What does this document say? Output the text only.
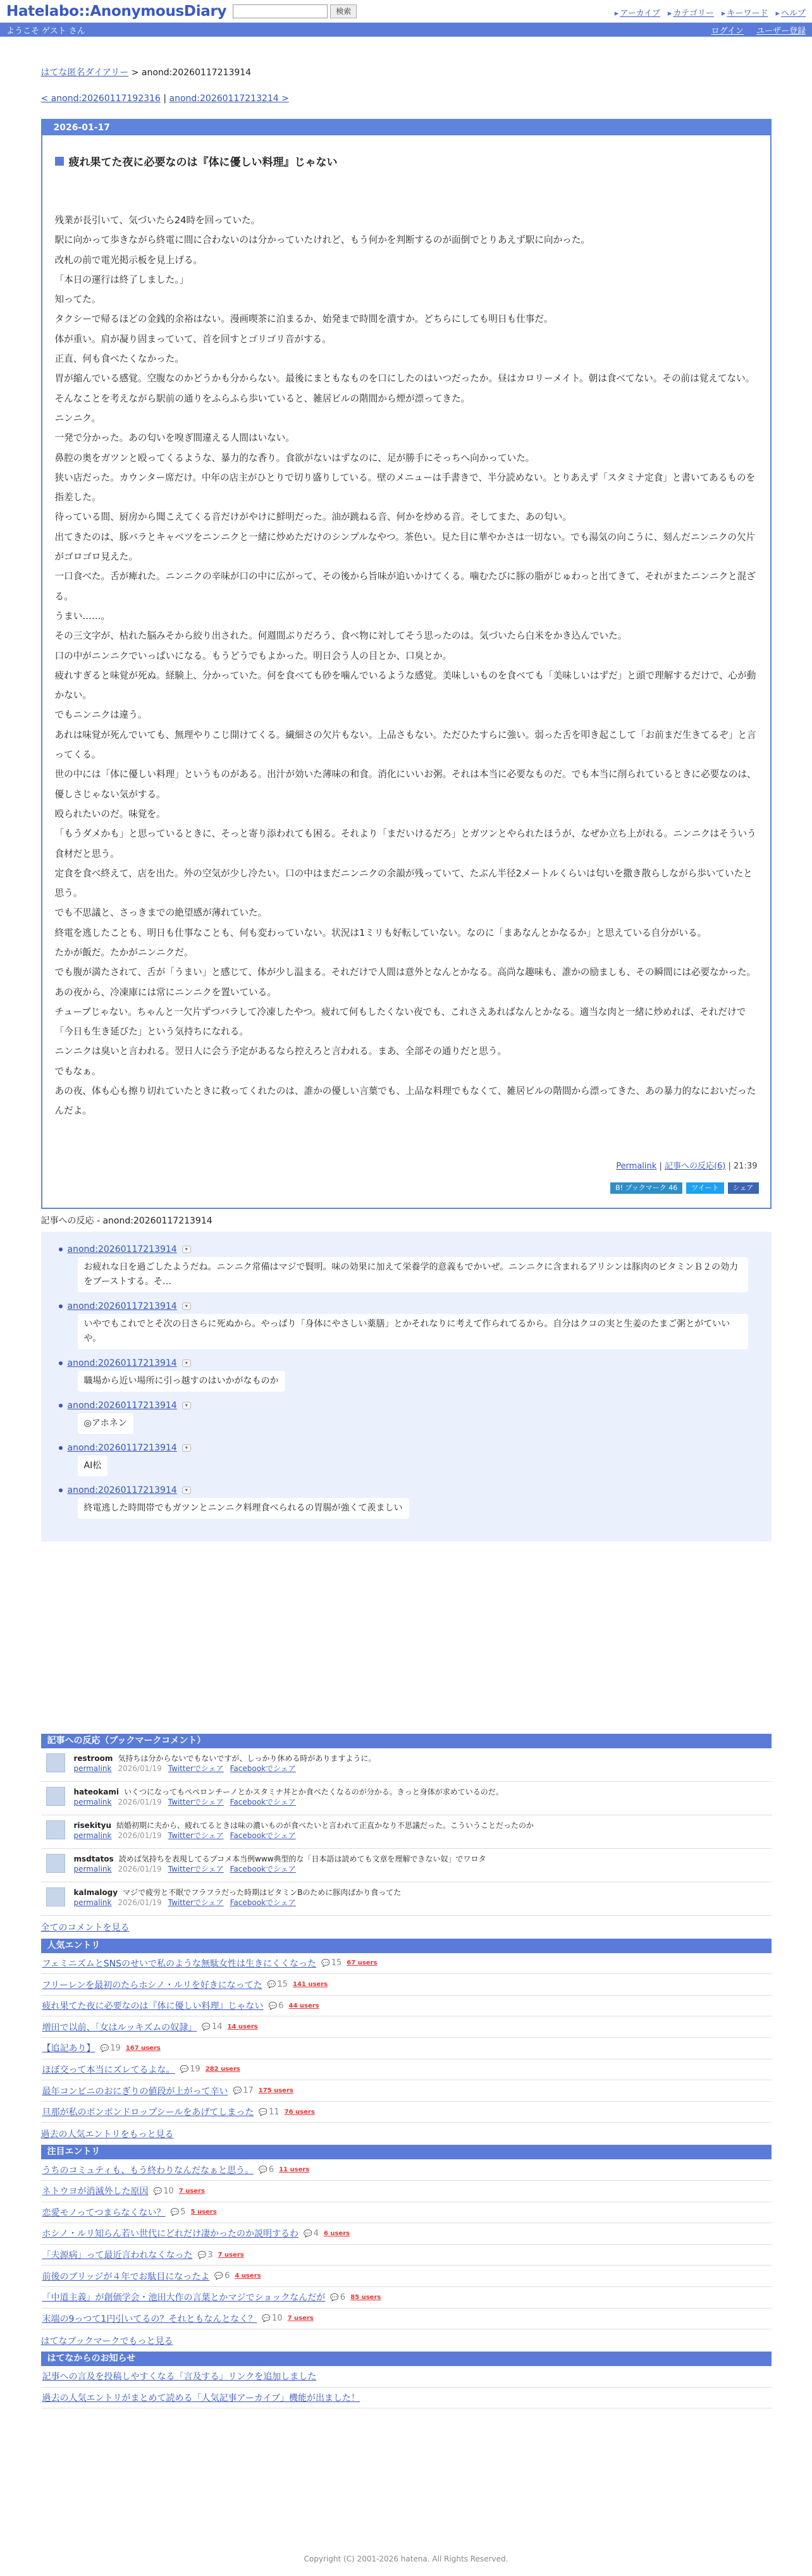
Hatelabo::AnonymousDiary	検索	▸ アーカイブ	▸ カテゴリー	▸ キーワード	▸ ヘルプ
ようこそ ゲスト さん	ログイン ユーザー登録
はてな匿名ダイアリー > anond:20260117213914
< anond:20260117192316 | anond:20260117213214 >
2026-01-17
疲れ果てた夜に必要なのは『体に優しい料理』じゃない

残業が長引いて、気づいたら24時を回っていた。

駅に向かって歩きながら終電に間に合わないのは分かっていたけれど、もう何かを判断するのが面倒でとりあえず駅に向かった。

改札の前で電光掲示板を見上げる。

「本日の運行は終了しました。」

知ってた。

タクシーで帰るほどの金銭的余裕はない。漫画喫茶に泊まるか、始発まで時間を潰すか。どちらにしても明日も仕事だ。

体が重い。肩が凝り固まっていて、首を回すとゴリゴリ音がする。

正直、何も食べたくなかった。

胃が縮んでいる感覚。空腹なのかどうかも分からない。最後にまともなものを口にしたのはいつだったか。昼はカロリーメイト。朝は食べてない。その前は覚えてない。

そんなことを考えながら駅前の通りをふらふら歩いていると、雑居ビルの階間から煙が漂ってきた。

ニンニク。

一発で分かった。あの匂いを嗅ぎ間違える人間はいない。

鼻腔の奥をガツンと殴ってくるような、暴力的な香り。食欲がないはずなのに、足が勝手にそっちへ向かっていた。

狭い店だった。カウンター席だけ。中年の店主がひとりで切り盛りしている。壁のメニューは手書きで、半分読めない。とりあえず「スタミナ定食」と書いてあるものを指差した。

待っている間、厨房から聞こえてくる音だけがやけに鮮明だった。油が跳ねる音、何かを炒める音。そしてまた、あの匂い。

出てきたのは、豚バラとキャベツをニンニクと一緒に炒めただけのシンプルなやつ。茶色い。見た目に華やかさは一切ない。でも湯気の向こうに、刻んだニンニクの欠片がゴロゴロ見えた。

一口食べた。舌が痺れた。ニンニクの辛味が口の中に広がって、その後から旨味が追いかけてくる。噛むたびに豚の脂がじゅわっと出てきて、それがまたニンニクと混ざる。

うまい……。

その三文字が、枯れた脳みそから絞り出された。何週間ぶりだろう、食べ物に対してそう思ったのは。気づいたら白米をかき込んでいた。

口の中がニンニクでいっぱいになる。もうどうでもよかった。明日会う人の目とか、口臭とか。

疲れすぎると味覚が死ぬ。経験上、分かっていた。何を食べても砂を噛んでいるような感覚。美味しいものを食べても「美味しいはずだ」と頭で理解するだけで、心が動かない。

でもニンニクは違う。

あれは味覚が死んでいても、無理やりこじ開けてくる。繊細さの欠片もない。上品さもない。ただひたすらに強い。弱った舌を叩き起こして「お前まだ生きてるぞ」と言ってくる。

世の中には「体に優しい料理」というものがある。出汁が効いた薄味の和食。消化にいいお粥。それは本当に必要なものだ。でも本当に削られているときに必要なのは、優しさじゃない気がする。

殴られたいのだ。味覚を。

「もうダメかも」と思っているときに、そっと寄り添われても困る。それより「まだいけるだろ」とガツンとやられたほうが、なぜか立ち上がれる。ニンニクはそういう食材だと思う。

定食を食べ終えて、店を出た。外の空気が少し冷たい。口の中はまだニンニクの余韻が残っていて、たぶん半径2メートルくらいは匂いを撒き散らしながら歩いていたと思う。

でも不思議と、さっきまでの絶望感が薄れていた。

終電を逃したことも、明日も仕事なことも、何も変わっていない。状況は1ミリも好転していない。なのに「まあなんとかなるか」と思えている自分がいる。

たかが飯だ。たかがニンニクだ。

でも腹が満たされて、舌が「うまい」と感じて、体が少し温まる。それだけで人間は意外となんとかなる。高尚な趣味も、誰かの励ましも、その瞬間には必要なかった。

あの夜から、冷凍庫には常にニンニクを置いている。

チューブじゃない。ちゃんと一欠片ずつバラして冷凍したやつ。疲れて何もしたくない夜でも、これさえあればなんとかなる。適当な肉と一緒に炒めれば、それだけで「今日も生き延びた」という気持ちになれる。

ニンニクは臭いと言われる。翌日人に会う予定があるなら控えろと言われる。まあ、全部その通りだと思う。

でもなぁ。

あの夜、体も心も擦り切れていたときに救ってくれたのは、誰かの優しい言葉でも、上品な料理でもなくて、雑居ビルの階間から漂ってきた、あの暴力的なにおいだったんだよ。

Permalink | 記事への反応(6) | 21:39
B! ブックマーク 46	ツイート	シェア
記事への反応 - anond:20260117213914
anond:20260117213914	▾
お疲れな日を過ごしたようだね。ニンニク常備はマジで賢明。味の効果に加えて栄養学的意義もでかいぜ。ニンニクに含まれるアリシンは豚肉のビタミンＢ２の効力をブーストする。そ…
anond:20260117213914	▾
いやでもこれでとそ次の日さらに死ぬから。やっぱり「身体にやさしい薬膳」とかそれなりに考えて作られてるから。自分はクコの実と生姜のたまご粥とがていいや。
anond:20260117213914	▾
職場から近い場所に引っ越すのはいかがなものか
anond:20260117213914	▾
◎アホネン
anond:20260117213914	▾
AI松
anond:20260117213914	▾
終電逃した時間帯でもガツンとニンニク料理食べられるの胃腸が強くて羨ましい
記事への反応（ブックマークコメント）
restroom 気持ちは分からないでもないですが、しっかり休める時がありますように。
permalink 2026/01/19 Twitterでシェア Facebookでシェア
hateokami いくつになってもペペロンチーノとかスタミナ丼とか食べたくなるのが分かる。きっと身体が求めているのだ。
permalink 2026/01/19 Twitterでシェア Facebookでシェア
risekityu 結婚初期に夫から、疲れてるときは味の濃いものが食べたいと言われて正直かなり不思議だった。こういうことだったのか
permalink 2026/01/19 Twitterでシェア Facebookでシェア
msdtatos 読めば気持ちを表現してるプコメ本当例www典型的な「日本語は読めても文章を理解できない奴」でワロタ
permalink 2026/01/19 Twitterでシェア Facebookでシェア
kalmalogy マジで疲労と不眠でフラフラだった時期はビタミンBのために豚肉ばかり食ってた
permalink 2026/01/19 Twitterでシェア Facebookでシェア
全てのコメントを見る
人気エントリ
フェミニズムとSNSのせいで私のような無駄女性は生きにくくなった	💬 15 67 users
フリーレンを最初のたらホシノ・ルリを好きになってた	💬 15 141 users
疲れ果てた夜に必要なのは『体に優しい料理』じゃない	💬 6 44 users
増田で以前、「女はルッキズムの奴隷」	💬 14 14 users
【追記あり】	💬 19 167 users
ほぼ交って本当にズレてるよな。	💬 19 282 users
最年コンビニのおにぎりの値段が上がって辛い	💬 17 175 users
旦那が私のボンボンドロップシールをあげてしまった	💬 11 76 users
過去の人気エントリをもっと見る
注目エントリ
うちのコミュティも、もう終わりなんだなぁと思う。	💬 6 11 users
ネトウヨが消滅外した原因	💬 10 7 users
恋愛モノってつまらなくない？	💬 5 5 users
ホシノ・ルリ知らん若い世代にどれだけ凄かったのか説明するわ	💬 4 6 users
「夫源病」って最近言われなくなった	💬 3 7 users
前後のブリッジが４年でお駄目になったよ	💬 6 4 users
「中道主義」が創価学会・池田大作の言葉とかマジでショックなんだが	💬 6 85 users
末端の9っつて1円引いてるの？それともなんとなく？	💬 10 7 users
はてなブックマークでもっと見る
はてなからのお知らせ
記事への言及を投稿しやすくなる「言及する」リンクを追加しました
過去の人気エントリがまとめて読める「人気記事アーカイブ」機能が出ました！
Copyright (C) 2001-2026 hatena. All Rights Reserved.
